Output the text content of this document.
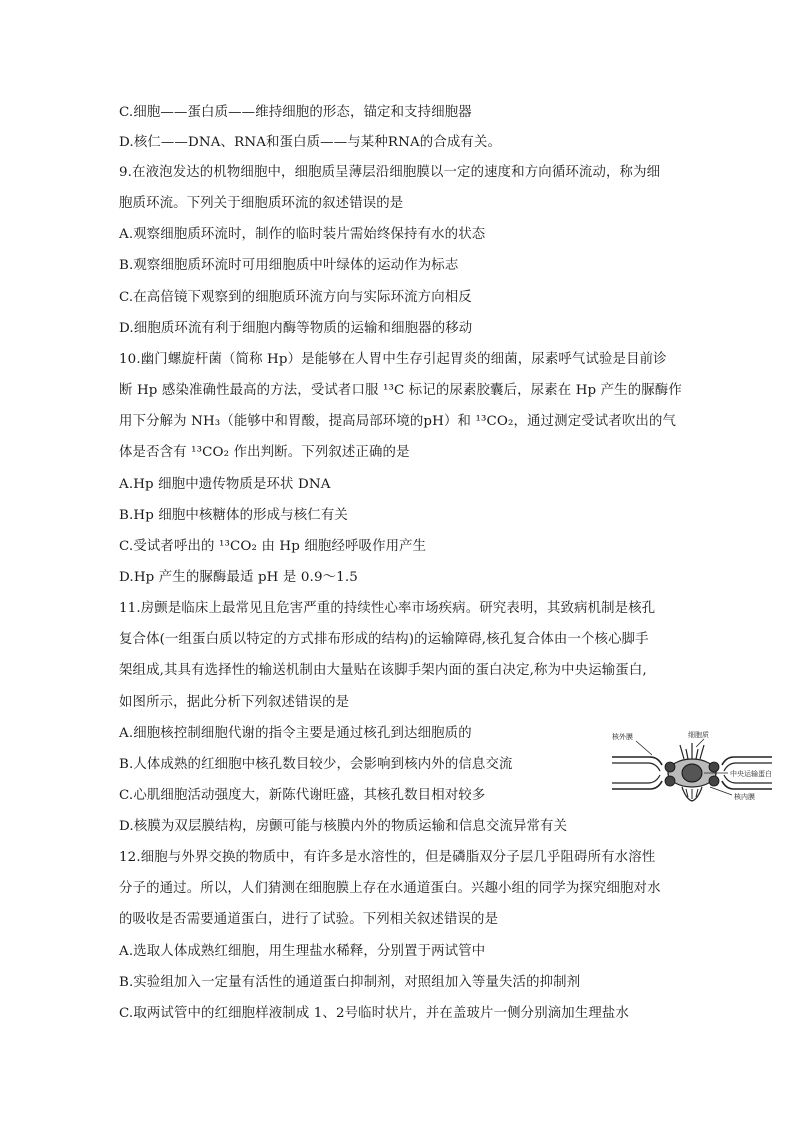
C.细胞——蛋白质——维持细胞的形态，锚定和支持细胞器
D.核仁——DNA、RNA和蛋白质——与某种RNA的合成有关。
9.在液泡发达的机物细胞中，细胞质呈薄层沿细胞膜以一定的速度和方向循环流动，称为细
胞质环流。下列关于细胞质环流的叙述错误的是
A.观察细胞质环流时，制作的临时装片需始终保持有水的状态
B.观察细胞质环流时可用细胞质中叶绿体的运动作为标志
C.在高倍镜下观察到的细胞质环流方向与实际环流方向相反
D.细胞质环流有利于细胞内酶等物质的运输和细胞器的移动
10.幽门螺旋杆菌（简称 Hp）是能够在人胃中生存引起胃炎的细菌，尿素呼气试验是目前诊
断 Hp 感染准确性最高的方法，受试者口服 ¹³C 标记的尿素胶囊后，尿素在 Hp 产生的脲酶作
用下分解为 NH₃（能够中和胃酸，提高局部环境的pH）和 ¹³CO₂，通过测定受试者吹出的气
体是否含有 ¹³CO₂ 作出判断。下列叙述正确的是
A.Hp 细胞中遗传物质是环状 DNA
B.Hp 细胞中核糖体的形成与核仁有关
C.受试者呼出的 ¹³CO₂ 由 Hp 细胞经呼吸作用产生
D.Hp 产生的脲酶最适 pH 是 0.9～1.5
11.房颤是临床上最常见且危害严重的持续性心率市场疾病。研究表明，其致病机制是核孔
复合体(一组蛋白质以特定的方式排布形成的结构)的运输障碍,核孔复合体由一个核心脚手
架组成,其具有选择性的输送机制由大量贴在该脚手架内面的蛋白决定,称为中央运输蛋白,
如图所示，据此分析下列叙述错误的是
A.细胞核控制细胞代谢的指令主要是通过核孔到达细胞质的
B.人体成熟的红细胞中核孔数目较少，会影响到核内外的信息交流
C.心肌细胞活动强度大，新陈代谢旺盛，其核孔数目相对较多
D.核膜为双层膜结构，房颤可能与核膜内外的物质运输和信息交流异常有关
12.细胞与外界交换的物质中，有许多是水溶性的，但是磷脂双分子层几乎阻碍所有水溶性
分子的通过。所以，人们猜测在细胞膜上存在水通道蛋白。兴趣小组的同学为探究细胞对水
的吸收是否需要通道蛋白，进行了试验。下列相关叙述错误的是
A.选取人体成熟红细胞，用生理盐水稀释，分别置于两试管中
B.实验组加入一定量有活性的通道蛋白抑制剂，对照组加入等量失活的抑制剂
C.取两试管中的红细胞样液制成 1、2号临时状片，并在盖玻片一侧分别滴加生理盐水
核外膜	细胞质
中央运输蛋白
核内膜
